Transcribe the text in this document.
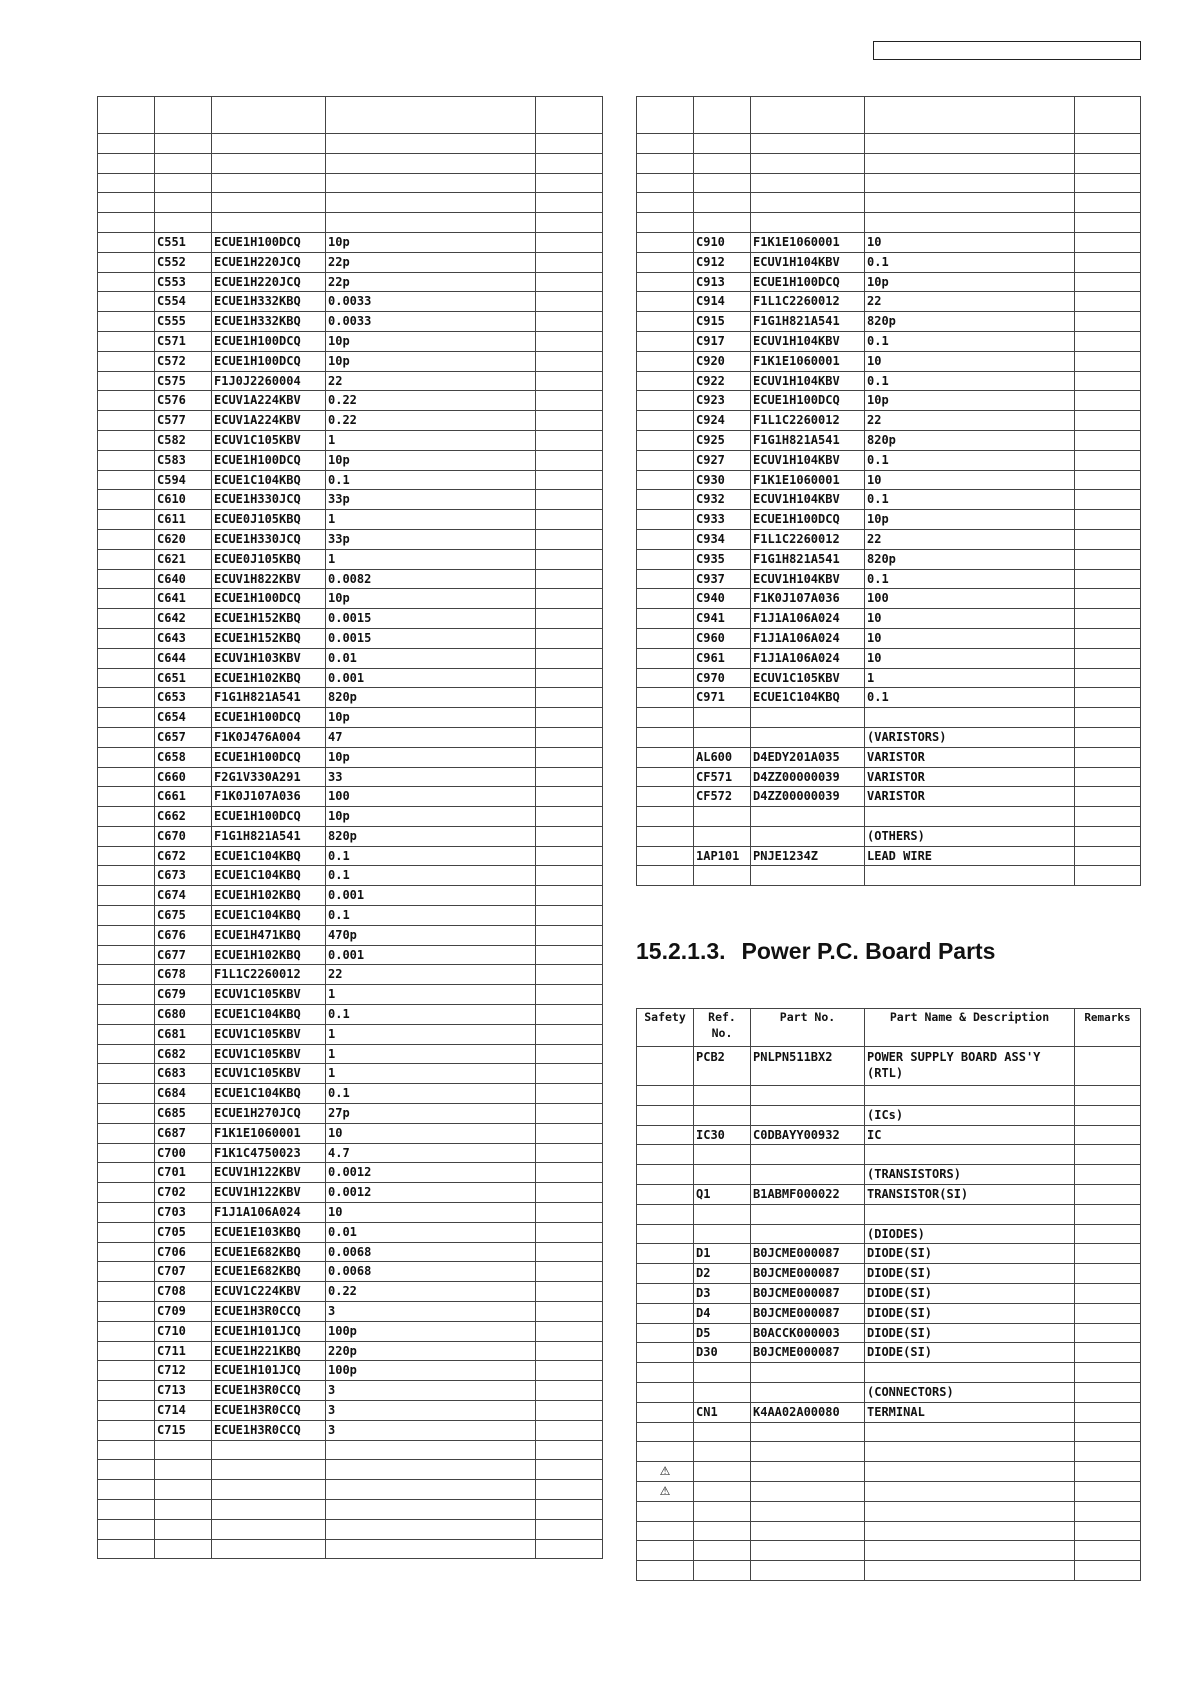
	C551	ECUE1H100DCQ	10p	
	C552	ECUE1H220JCQ	22p	
	C553	ECUE1H220JCQ	22p	
	C554	ECUE1H332KBQ	0.0033	
	C555	ECUE1H332KBQ	0.0033	
	C571	ECUE1H100DCQ	10p	
	C572	ECUE1H100DCQ	10p	
	C575	F1J0J2260004	22	
	C576	ECUV1A224KBV	0.22	
	C577	ECUV1A224KBV	0.22	
	C582	ECUV1C105KBV	1	
	C583	ECUE1H100DCQ	10p	
	C594	ECUE1C104KBQ	0.1	
	C610	ECUE1H330JCQ	33p	
	C611	ECUE0J105KBQ	1	
	C620	ECUE1H330JCQ	33p	
	C621	ECUE0J105KBQ	1	
	C640	ECUV1H822KBV	0.0082	
	C641	ECUE1H100DCQ	10p	
	C642	ECUE1H152KBQ	0.0015	
	C643	ECUE1H152KBQ	0.0015	
	C644	ECUV1H103KBV	0.01	
	C651	ECUE1H102KBQ	0.001	
	C653	F1G1H821A541	820p	
	C654	ECUE1H100DCQ	10p	
	C657	F1K0J476A004	47	
	C658	ECUE1H100DCQ	10p	
	C660	F2G1V330A291	33	
	C661	F1K0J107A036	100	
	C662	ECUE1H100DCQ	10p	
	C670	F1G1H821A541	820p	
	C672	ECUE1C104KBQ	0.1	
	C673	ECUE1C104KBQ	0.1	
	C674	ECUE1H102KBQ	0.001	
	C675	ECUE1C104KBQ	0.1	
	C676	ECUE1H471KBQ	470p	
	C677	ECUE1H102KBQ	0.001	
	C678	F1L1C2260012	22	
	C679	ECUV1C105KBV	1	
	C680	ECUE1C104KBQ	0.1	
	C681	ECUV1C105KBV	1	
	C682	ECUV1C105KBV	1	
	C683	ECUV1C105KBV	1	
	C684	ECUE1C104KBQ	0.1	
	C685	ECUE1H270JCQ	27p	
	C687	F1K1E1060001	10	
	C700	F1K1C4750023	4.7	
	C701	ECUV1H122KBV	0.0012	
	C702	ECUV1H122KBV	0.0012	
	C703	F1J1A106A024	10	
	C705	ECUE1E103KBQ	0.01	
	C706	ECUE1E682KBQ	0.0068	
	C707	ECUE1E682KBQ	0.0068	
	C708	ECUV1C224KBV	0.22	
	C709	ECUE1H3R0CCQ	3	
	C710	ECUE1H101JCQ	100p	
	C711	ECUE1H221KBQ	220p	
	C712	ECUE1H101JCQ	100p	
	C713	ECUE1H3R0CCQ	3	
	C714	ECUE1H3R0CCQ	3	
	C715	ECUE1H3R0CCQ	3	

	C910	F1K1E1060001	10	
	C912	ECUV1H104KBV	0.1	
	C913	ECUE1H100DCQ	10p	
	C914	F1L1C2260012	22	
	C915	F1G1H821A541	820p	
	C917	ECUV1H104KBV	0.1	
	C920	F1K1E1060001	10	
	C922	ECUV1H104KBV	0.1	
	C923	ECUE1H100DCQ	10p	
	C924	F1L1C2260012	22	
	C925	F1G1H821A541	820p	
	C927	ECUV1H104KBV	0.1	
	C930	F1K1E1060001	10	
	C932	ECUV1H104KBV	0.1	
	C933	ECUE1H100DCQ	10p	
	C934	F1L1C2260012	22	
	C935	F1G1H821A541	820p	
	C937	ECUV1H104KBV	0.1	
	C940	F1K0J107A036	100	
	C941	F1J1A106A024	10	
	C960	F1J1A106A024	10	
	C961	F1J1A106A024	10	
	C970	ECUV1C105KBV	1	
	C971	ECUE1C104KBQ	0.1	

			(VARISTORS)	
	AL600	D4EDY201A035	VARISTOR	
	CF571	D4ZZ00000039	VARISTOR	
	CF572	D4ZZ00000039	VARISTOR	

			(OTHERS)	
	1AP101	PNJE1234Z	LEAD WIRE	

15.2.1.3. Power P.C. Board Parts
Safety	Ref. No.	Part No.	Part Name & Description	Remarks
	PCB2	PNLPN511BX2	POWER SUPPLY BOARD ASS'Y (RTL)	

			(ICs)	
	IC30	C0DBAYY00932	IC	

			(TRANSISTORS)	
	Q1	B1ABMF000022	TRANSISTOR(SI)	

			(DIODES)	
	D1	B0JCME000087	DIODE(SI)	
	D2	B0JCME000087	DIODE(SI)	
	D3	B0JCME000087	DIODE(SI)	
	D4	B0JCME000087	DIODE(SI)	
	D5	B0ACCK000003	DIODE(SI)	
	D30	B0JCME000087	DIODE(SI)	

			(CONNECTORS)	
	CN1	K4AA02A00080	TERMINAL	

⚠				
⚠				
